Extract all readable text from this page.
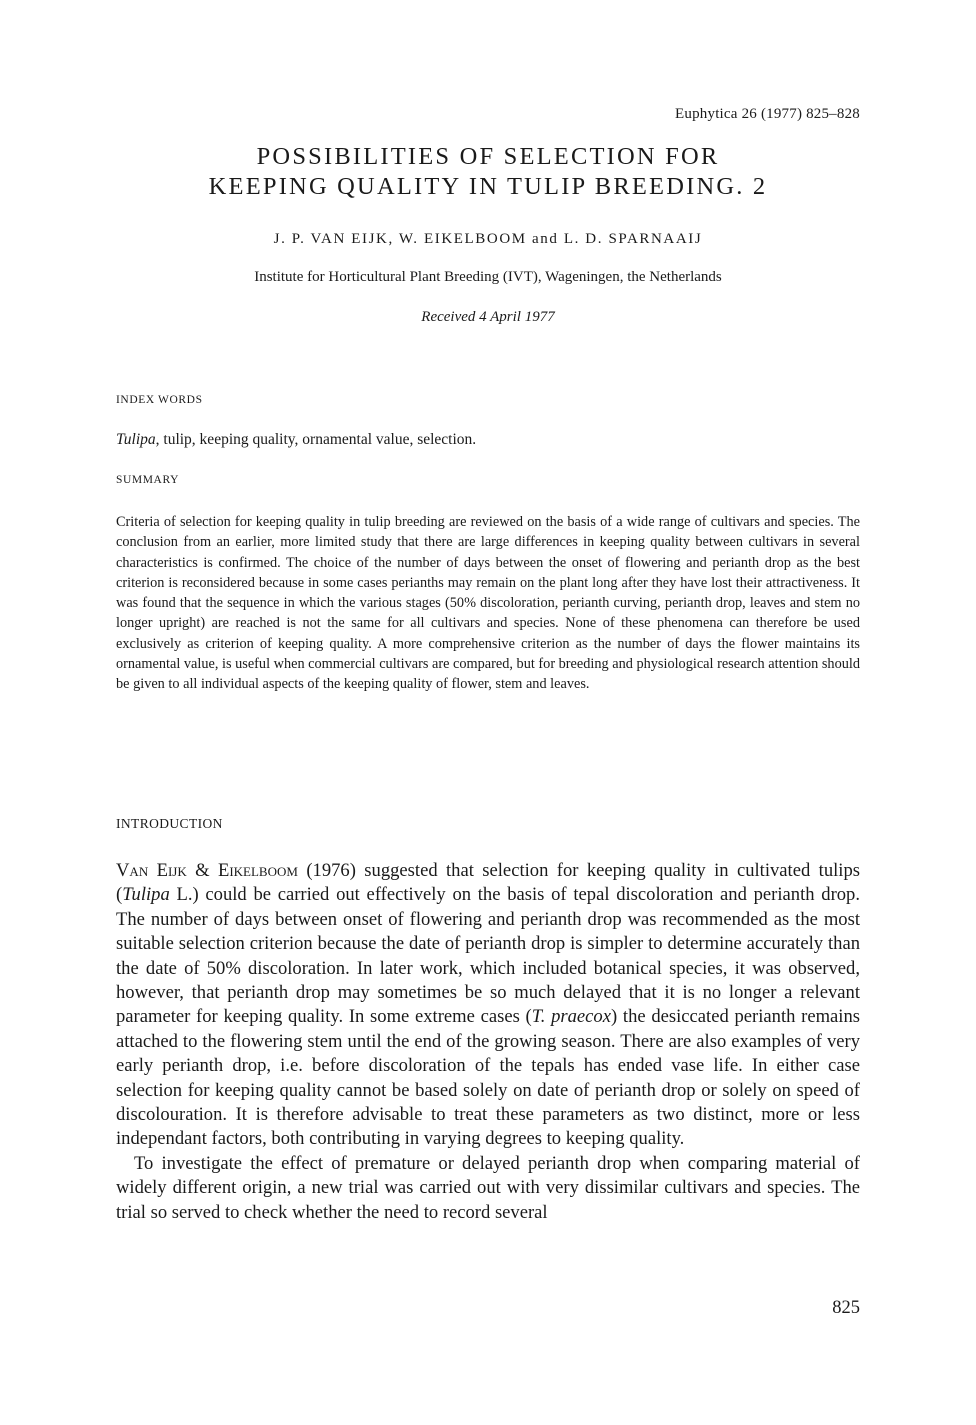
Euphytica 26 (1977) 825–828
POSSIBILITIES OF SELECTION FOR
KEEPING QUALITY IN TULIP BREEDING. 2
J. P. VAN EIJK, W. EIKELBOOM and L. D. SPARNAAIJ
Institute for Horticultural Plant Breeding (IVT), Wageningen, the Netherlands
Received 4 April 1977
INDEX WORDS
Tulipa, tulip, keeping quality, ornamental value, selection.
SUMMARY

Criteria of selection for keeping quality in tulip breeding are reviewed on the basis of a wide range of cultivars and species. The conclusion from an earlier, more limited study that there are large differences in keeping quality between cultivars in several characteristics is confirmed. The choice of the number of days between the onset of flowering and perianth drop as the best criterion is reconsidered because in some cases perianths may remain on the plant long after they have lost their attractiveness. It was found that the sequence in which the various stages (50% discoloration, perianth curving, perianth drop, leaves and stem no longer upright) are reached is not the same for all cultivars and species. None of these phenomena can therefore be used exclusively as criterion of keeping quality. A more comprehensive criterion as the number of days the flower maintains its ornamental value, is useful when commercial cultivars are compared, but for breeding and physiological research attention should be given to all individual aspects of the keeping quality of flower, stem and leaves.

INTRODUCTION

Van Eijk & Eikelboom (1976) suggested that selection for keeping quality in cultivated tulips (Tulipa L.) could be carried out effectively on the basis of tepal discoloration and perianth drop. The number of days between onset of flowering and perianth drop was recommended as the most suitable selection criterion because the date of perianth drop is simpler to determine accurately than the date of 50% discoloration. In later work, which included botanical species, it was observed, however, that perianth drop may sometimes be so much delayed that it is no longer a relevant parameter for keeping quality. In some extreme cases (T. praecox) the desiccated perianth remains attached to the flowering stem until the end of the growing season. There are also examples of very early perianth drop, i.e. before discoloration of the tepals has ended vase life. In either case selection for keeping quality cannot be based solely on date of perianth drop or solely on speed of discolouration. It is therefore advisable to treat these parameters as two distinct, more or less independant factors, both contributing in varying degrees to keeping quality.

To investigate the effect of premature or delayed perianth drop when comparing material of widely different origin, a new trial was carried out with very dissimilar cultivars and species. The trial so served to check whether the need to record several

825
